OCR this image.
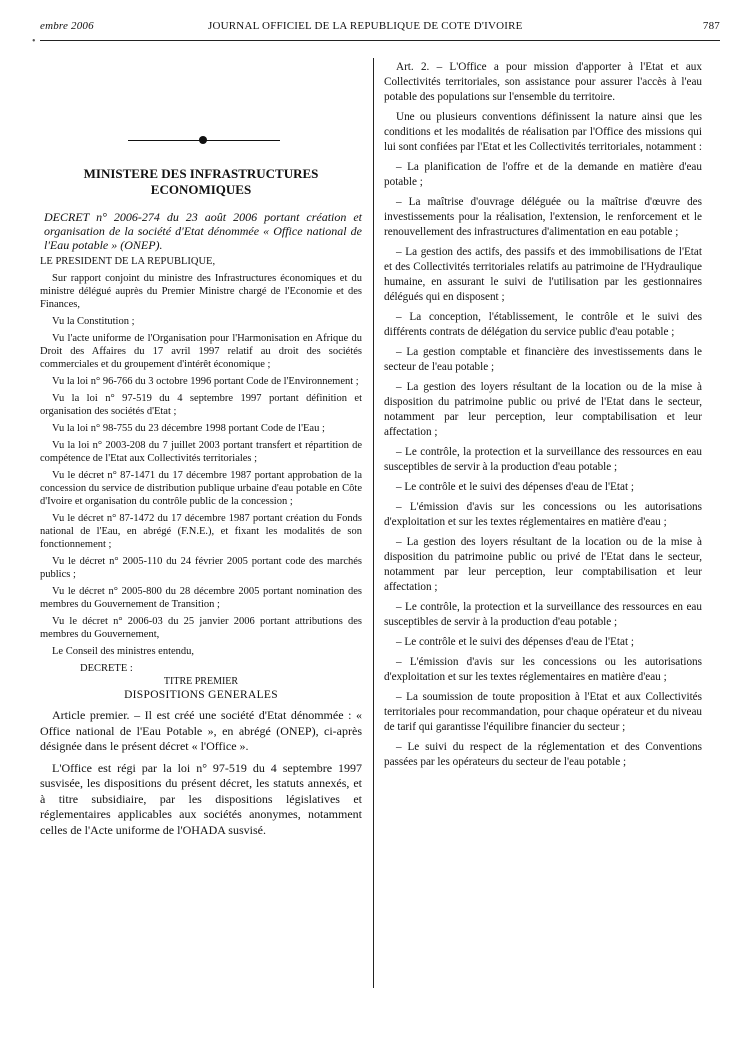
embre 2006	JOURNAL OFFICIEL DE LA REPUBLIQUE DE COTE D'IVOIRE	787
•
MINISTERE DES INFRASTRUCTURES
ECONOMIQUES
DECRET n° 2006-274 du 23 août 2006 portant création et organisation de la société d'Etat dénommée « Office national de l'Eau potable » (ONEP).

LE PRESIDENT DE LA REPUBLIQUE,

Sur rapport conjoint du ministre des Infrastructures économiques et du ministre délégué auprès du Premier Ministre chargé de l'Economie et des Finances,

Vu la Constitution ;

Vu l'acte uniforme de l'Organisation pour l'Harmonisation en Afrique du Droit des Affaires du 17 avril 1997 relatif au droit des sociétés commerciales et du groupement d'intérêt économique ;

Vu la loi n° 96-766 du 3 octobre 1996 portant Code de l'Environnement ;

Vu la loi n° 97-519 du 4 septembre 1997 portant définition et organisation des sociétés d'Etat ;

Vu la loi n° 98-755 du 23 décembre 1998 portant Code de l'Eau ;

Vu la loi n° 2003-208 du 7 juillet 2003 portant transfert et répartition de compétence de l'Etat aux Collectivités territoriales ;

Vu le décret n° 87-1471 du 17 décembre 1987 portant approbation de la concession du service de distribution publique urbaine d'eau potable en Côte d'Ivoire et organisation du contrôle public de la concession ;

Vu le décret n° 87-1472 du 17 décembre 1987 portant création du Fonds national de l'Eau, en abrégé (F.N.E.), et fixant les modalités de son fonctionnement ;

Vu le décret n° 2005-110 du 24 février 2005 portant code des marchés publics ;

Vu le décret n° 2005-800 du 28 décembre 2005 portant nomination des membres du Gouvernement de Transition ;

Vu le décret n° 2006-03 du 25 janvier 2006 portant attributions des membres du Gouvernement,

Le Conseil des ministres entendu,

DECRETE :

TITRE PREMIER
DISPOSITIONS GENERALES

Article premier. – Il est créé une société d'Etat dénommée : « Office national de l'Eau Potable », en abrégé (ONEP), ci-après désignée dans le présent décret « l'Office ».

L'Office est régi par la loi n° 97-519 du 4 septembre 1997 susvisée, les dispositions du présent décret, les statuts annexés, et à titre subsidiaire, par les dispositions législatives et réglementaires applicables aux sociétés anonymes, notamment celles de l'Acte uniforme de l'OHADA susvisé.

Art. 2. – L'Office a pour mission d'apporter à l'Etat et aux Collectivités territoriales, son assistance pour assurer l'accès à l'eau potable des populations sur l'ensemble du territoire.

Une ou plusieurs conventions définissent la nature ainsi que les conditions et les modalités de réalisation par l'Office des missions qui lui sont confiées par l'Etat et les Collectivités territoriales, notamment :

– La planification de l'offre et de la demande en matière d'eau potable ;

– La maîtrise d'ouvrage déléguée ou la maîtrise d'œuvre des investissements pour la réalisation, l'extension, le renforcement et le renouvellement des infrastructures d'alimentation en eau potable ;

– La gestion des actifs, des passifs et des immobilisations de l'Etat et des Collectivités territoriales relatifs au patrimoine de l'Hydraulique humaine, en assurant le suivi de l'utilisation par les gestionnaires délégués qui en disposent ;

– La conception, l'établissement, le contrôle et le suivi des différents contrats de délégation du service public d'eau potable ;

– La gestion comptable et financière des investissements dans le secteur de l'eau potable ;

– La gestion des loyers résultant de la location ou de la mise à disposition du patrimoine public ou privé de l'Etat dans le secteur, notamment par leur perception, leur comptabilisation et leur affectation ;

– Le contrôle, la protection et la surveillance des ressources en eau susceptibles de servir à la production d'eau potable ;

– Le contrôle et le suivi des dépenses d'eau de l'Etat ;

– L'émission d'avis sur les concessions ou les autorisations d'exploitation et sur les textes réglementaires en matière d'eau ;

– La gestion des loyers résultant de la location ou de la mise à disposition du patrimoine public ou privé de l'Etat dans le secteur, notamment par leur perception, leur comptabilisation et leur affectation ;

– Le contrôle, la protection et la surveillance des ressources en eau susceptibles de servir à la production d'eau potable ;

– Le contrôle et le suivi des dépenses d'eau de l'Etat ;

– L'émission d'avis sur les concessions ou les autorisations d'exploitation et sur les textes réglementaires en matière d'eau ;

– La soumission de toute proposition à l'Etat et aux Collectivités territoriales pour recommandation, pour chaque opérateur et du niveau de tarif qui garantisse l'équilibre financier du secteur ;

– Le suivi du respect de la réglementation et des Conventions passées par les opérateurs du secteur de l'eau potable ;
